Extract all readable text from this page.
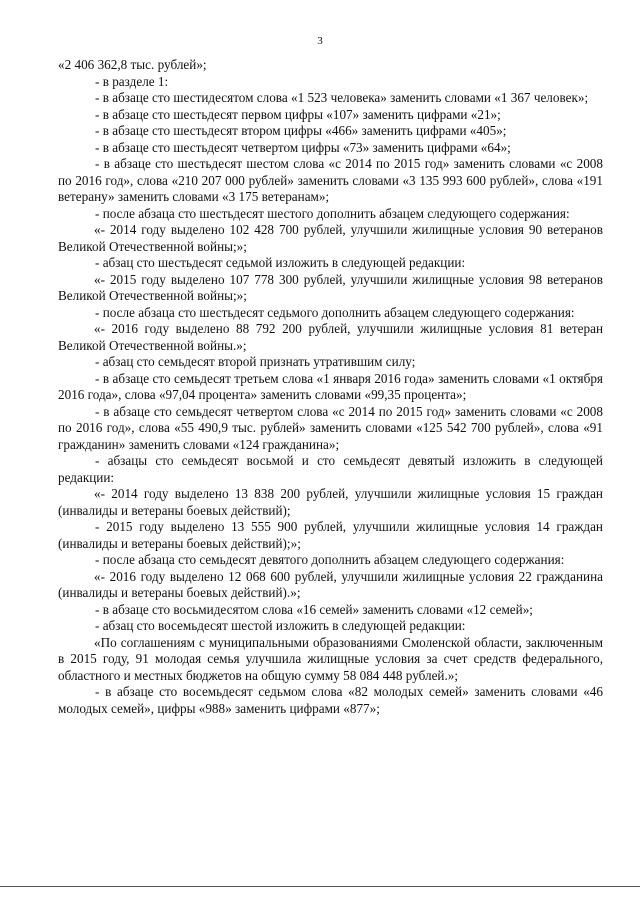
3

«2 406 362,8 тыс. рублей»;

- в разделе 1:

- в абзаце сто шестидесятом слова «1 523 человека» заменить словами «1 367 человек»;

- в абзаце сто шестьдесят первом цифры «107» заменить цифрами «21»;

- в абзаце сто шестьдесят втором цифры «466» заменить цифрами «405»;

- в абзаце сто шестьдесят четвертом цифры «73» заменить цифрами «64»;

- в абзаце сто шестьдесят шестом слова «с 2014 по 2015 год» заменить словами «с 2008 по 2016 год», слова «210 207 000 рублей» заменить словами «3 135 993 600 рублей», слова «191 ветерану» заменить словами «3 175 ветеранам»;

- после абзаца сто шестьдесят шестого дополнить абзацем следующего содержания:

«- 2014 году выделено 102 428 700 рублей, улучшили жилищные условия 90 ветеранов Великой Отечественной войны;»;

- абзац сто шестьдесят седьмой изложить в следующей редакции:

«- 2015 году выделено 107 778 300 рублей, улучшили жилищные условия 98 ветеранов Великой Отечественной войны;»;

- после абзаца сто шестьдесят седьмого дополнить абзацем следующего содержания:

«- 2016 году выделено 88 792 200 рублей, улучшили жилищные условия 81 ветеран Великой Отечественной войны.»;

- абзац сто семьдесят второй признать утратившим силу;

- в абзаце сто семьдесят третьем слова «1 января 2016 года» заменить словами «1 октября 2016 года», слова «97,04 процента» заменить словами «99,35 процента»;

- в абзаце сто семьдесят четвертом слова «с 2014 по 2015 год» заменить словами «с 2008 по 2016 год», слова «55 490,9 тыс. рублей» заменить словами «125 542 700 рублей», слова «91 гражданин» заменить словами «124 гражданина»;

- абзацы сто семьдесят восьмой и сто семьдесят девятый изложить в следующей редакции:

«- 2014 году выделено 13 838 200 рублей, улучшили жилищные условия 15 граждан (инвалиды и ветераны боевых действий);

- 2015 году выделено 13 555 900 рублей, улучшили жилищные условия 14 граждан (инвалиды и ветераны боевых действий);»;

- после абзаца сто семьдесят девятого дополнить абзацем следующего содержания:

«- 2016 году выделено 12 068 600 рублей, улучшили жилищные условия 22 гражданина (инвалиды и ветераны боевых действий).»;

- в абзаце сто восьмидесятом слова «16 семей» заменить словами «12 семей»;

- абзац сто восемьдесят шестой изложить в следующей редакции:

«По соглашениям с муниципальными образованиями Смоленской области, заключенным в 2015 году, 91 молодая семья улучшила жилищные условия за счет средств федерального, областного и местных бюджетов на общую сумму 58 084 448 рублей.»;

- в абзаце сто восемьдесят седьмом слова «82 молодых семей» заменить словами «46 молодых семей», цифры «988» заменить цифрами «877»;
